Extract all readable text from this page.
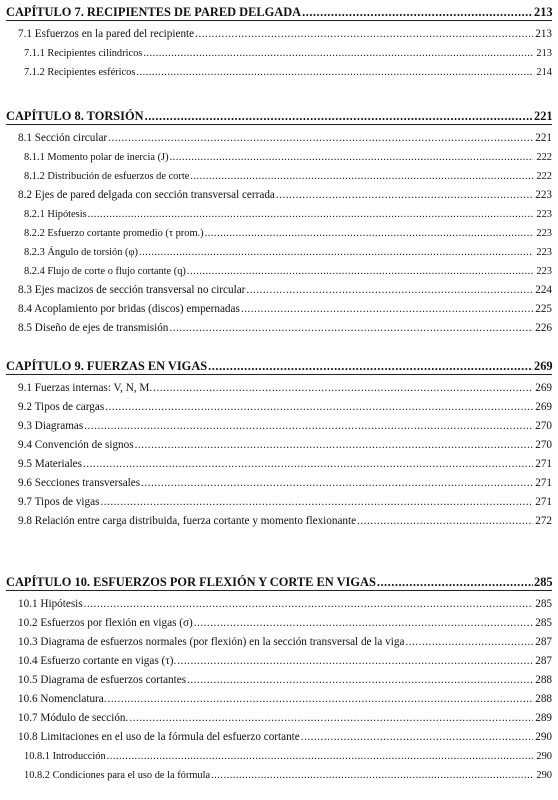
CAPÍTULO 7. RECIPIENTES DE PARED DELGADA .....	213
7.1 Esfuerzos en la pared del recipiente .....	213
7.1.1 Recipientes cilíndricos .....	213
7.1.2 Recipientes esféricos .....	214
CAPÍTULO 8. TORSIÓN .....	221
8.1 Sección circular .....	221
8.1.1 Momento polar de inercia (J) .....	222
8.1.2 Distribución de esfuerzos de corte .....	222
8.2 Ejes de pared delgada con sección transversal cerrada .....	223
8.2.1 Hipótesis .....	223
8.2.2 Esfuerzo cortante promedio (τ prom.) .....	223
8.2.3 Ángulo de torsión (φ) .....	223
8.2.4 Flujo de corte o flujo cortante (q) .....	223
8.3 Ejes macizos de sección transversal no circular .....	224
8.4 Acoplamiento por bridas (discos) empernadas .....	225
8.5 Diseño de ejes de transmisión .....	226
CAPÍTULO 9. FUERZAS EN VIGAS .....	269
9.1 Fuerzas internas: V, N, M. .....	269
9.2 Tipos de cargas .....	269
9.3 Diagramas .....	270
9.4 Convención de signos .....	270
9.5 Materiales .....	271
9.6 Secciones transversales .....	271
9.7 Tipos de vigas .....	271
9.8 Relación entre carga distribuida, fuerza cortante y momento flexionante .....	272
CAPÍTULO 10. ESFUERZOS POR FLEXIÓN Y CORTE EN VIGAS .....	285
10.1 Hipótesis .....	285
10.2 Esfuerzos por flexión en vigas (σ) .....	285
10.3 Diagrama de esfuerzos normales (por flexión) en la sección transversal de la viga .....	287
10.4 Esfuerzo cortante en vigas (τ). .....	287
10.5 Diagrama de esfuerzos cortantes .....	288
10.6 Nomenclatura. .....	288
10.7 Módulo de sección. .....	289
10.8 Limitaciones en el uso de la fórmula del esfuerzo cortante .....	290
10.8.1 Introducción .....	290
10.8.2 Condiciones para el uso de la fórmula .....	290
